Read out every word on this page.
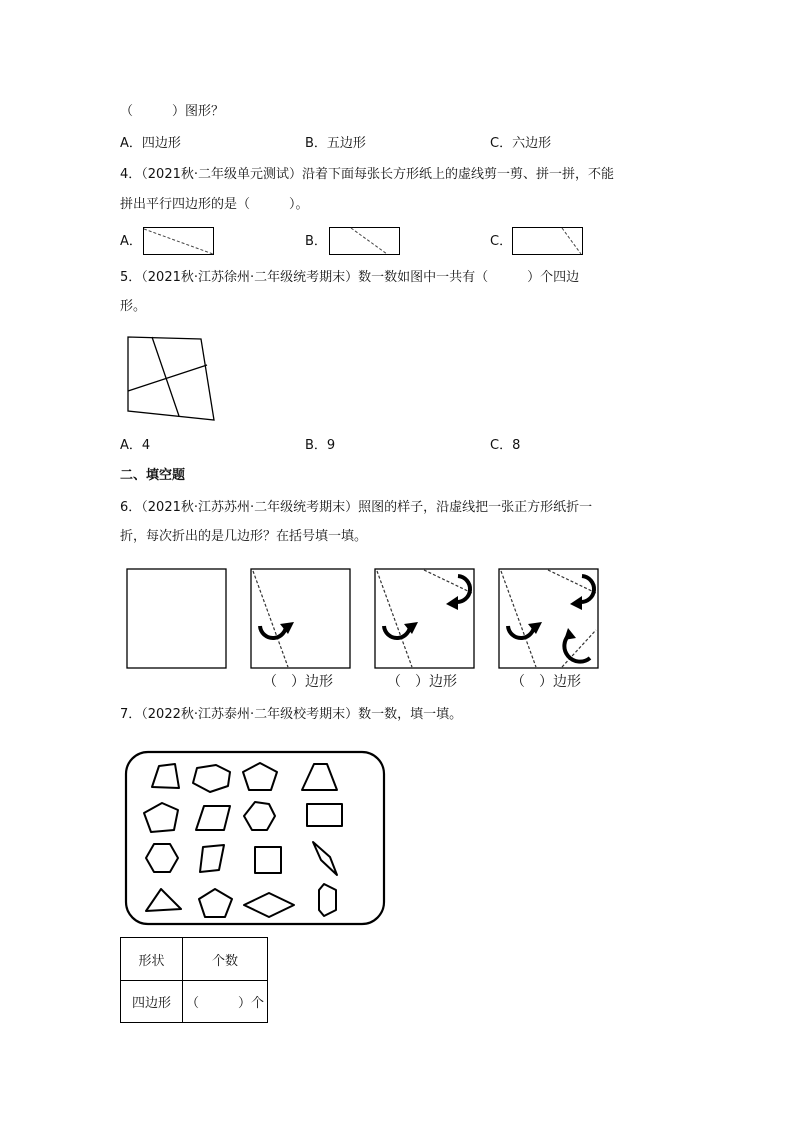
（　　　）图形？
A．四边形	B．五边形	C．六边形
4．（2021秋·二年级单元测试）沿着下面每张长方形纸上的虚线剪一剪、拼一拼，不能
拼出平行四边形的是（　　　）。
A．	B．	C．
5．（2021秋·江苏徐州·二年级统考期末）数一数如图中一共有（　　　）个四边
形。
A．4	B．9	C．8
二、填空题
6．（2021秋·江苏苏州·二年级统考期末）照图的样子，沿虚线把一张正方形纸折一
折，每次折出的是几边形？在括号填一填。
（　）边形	（　）边形	（　）边形
7．（2022秋·江苏泰州·二年级校考期末）数一数，填一填。
形状	个数
四边形	（　　　）个
